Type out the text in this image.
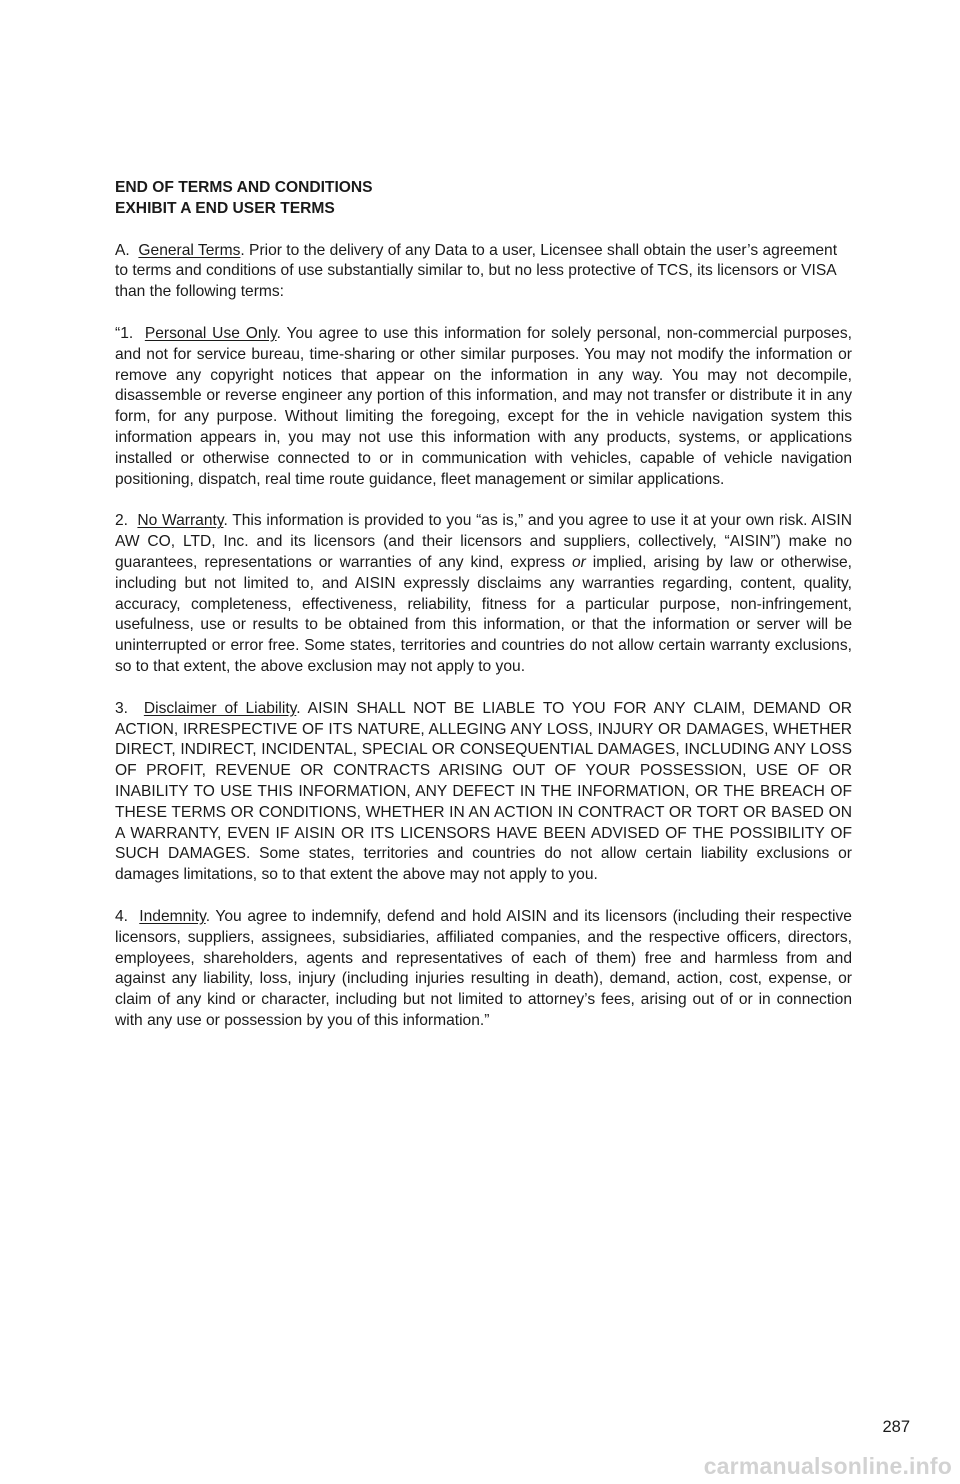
END OF TERMS AND CONDITIONS

EXHIBIT A END USER TERMS

A. General Terms. Prior to the delivery of any Data to a user, Licensee shall obtain the user’s agreement to terms and conditions of use substantially similar to, but no less protective of TCS, its licensors or VISA than the following terms:

“1. Personal Use Only. You agree to use this information for solely personal, non-commercial purposes, and not for service bureau, time-sharing or other similar purposes. You may not modify the information or remove any copyright notices that appear on the information in any way. You may not decompile, disassemble or reverse engineer any portion of this information, and may not transfer or distribute it in any form, for any purpose. Without limiting the foregoing, except for the in vehicle navigation system this information appears in, you may not use this information with any products, systems, or applications installed or otherwise connected to or in communication with vehicles, capable of vehicle navigation positioning, dispatch, real time route guidance, fleet management or similar applications.

2. No Warranty. This information is provided to you “as is,” and you agree to use it at your own risk. AISIN AW CO, LTD, Inc. and its licensors (and their licensors and suppliers, collectively, “AISIN”) make no guarantees, representations or warranties of any kind, express or implied, arising by law or otherwise, including but not limited to, and AISIN expressly disclaims any warranties regarding, content, quality, accuracy, completeness, effectiveness, reliability, fitness for a particular purpose, non-infringement, usefulness, use or results to be obtained from this information, or that the information or server will be uninterrupted or error free. Some states, territories and countries do not allow certain warranty exclusions, so to that extent, the above exclusion may not apply to you.

3. Disclaimer of Liability. AISIN SHALL NOT BE LIABLE TO YOU FOR ANY CLAIM, DEMAND OR ACTION, IRRESPECTIVE OF ITS NATURE, ALLEGING ANY LOSS, INJURY OR DAMAGES, WHETHER DIRECT, INDIRECT, INCIDENTAL, SPECIAL OR CONSEQUENTIAL DAMAGES, INCLUDING ANY LOSS OF PROFIT, REVENUE OR CONTRACTS ARISING OUT OF YOUR POSSESSION, USE OF OR INABILITY TO USE THIS INFORMATION, ANY DEFECT IN THE INFORMATION, OR THE BREACH OF THESE TERMS OR CONDITIONS, WHETHER IN AN ACTION IN CONTRACT OR TORT OR BASED ON A WARRANTY, EVEN IF AISIN OR ITS LICENSORS HAVE BEEN ADVISED OF THE POSSIBILITY OF SUCH DAMAGES. Some states, territories and countries do not allow certain liability exclusions or damages limitations, so to that extent the above may not apply to you.

4. Indemnity. You agree to indemnify, defend and hold AISIN and its licensors (including their respective licensors, suppliers, assignees, subsidiaries, affiliated companies, and the respective officers, directors, employees, shareholders, agents and representatives of each of them) free and harmless from and against any liability, loss, injury (including injuries resulting in death), demand, action, cost, expense, or claim of any kind or character, including but not limited to attorney’s fees, arising out of or in connection with any use or possession by you of this information.”

287
carmanualsonline.info
